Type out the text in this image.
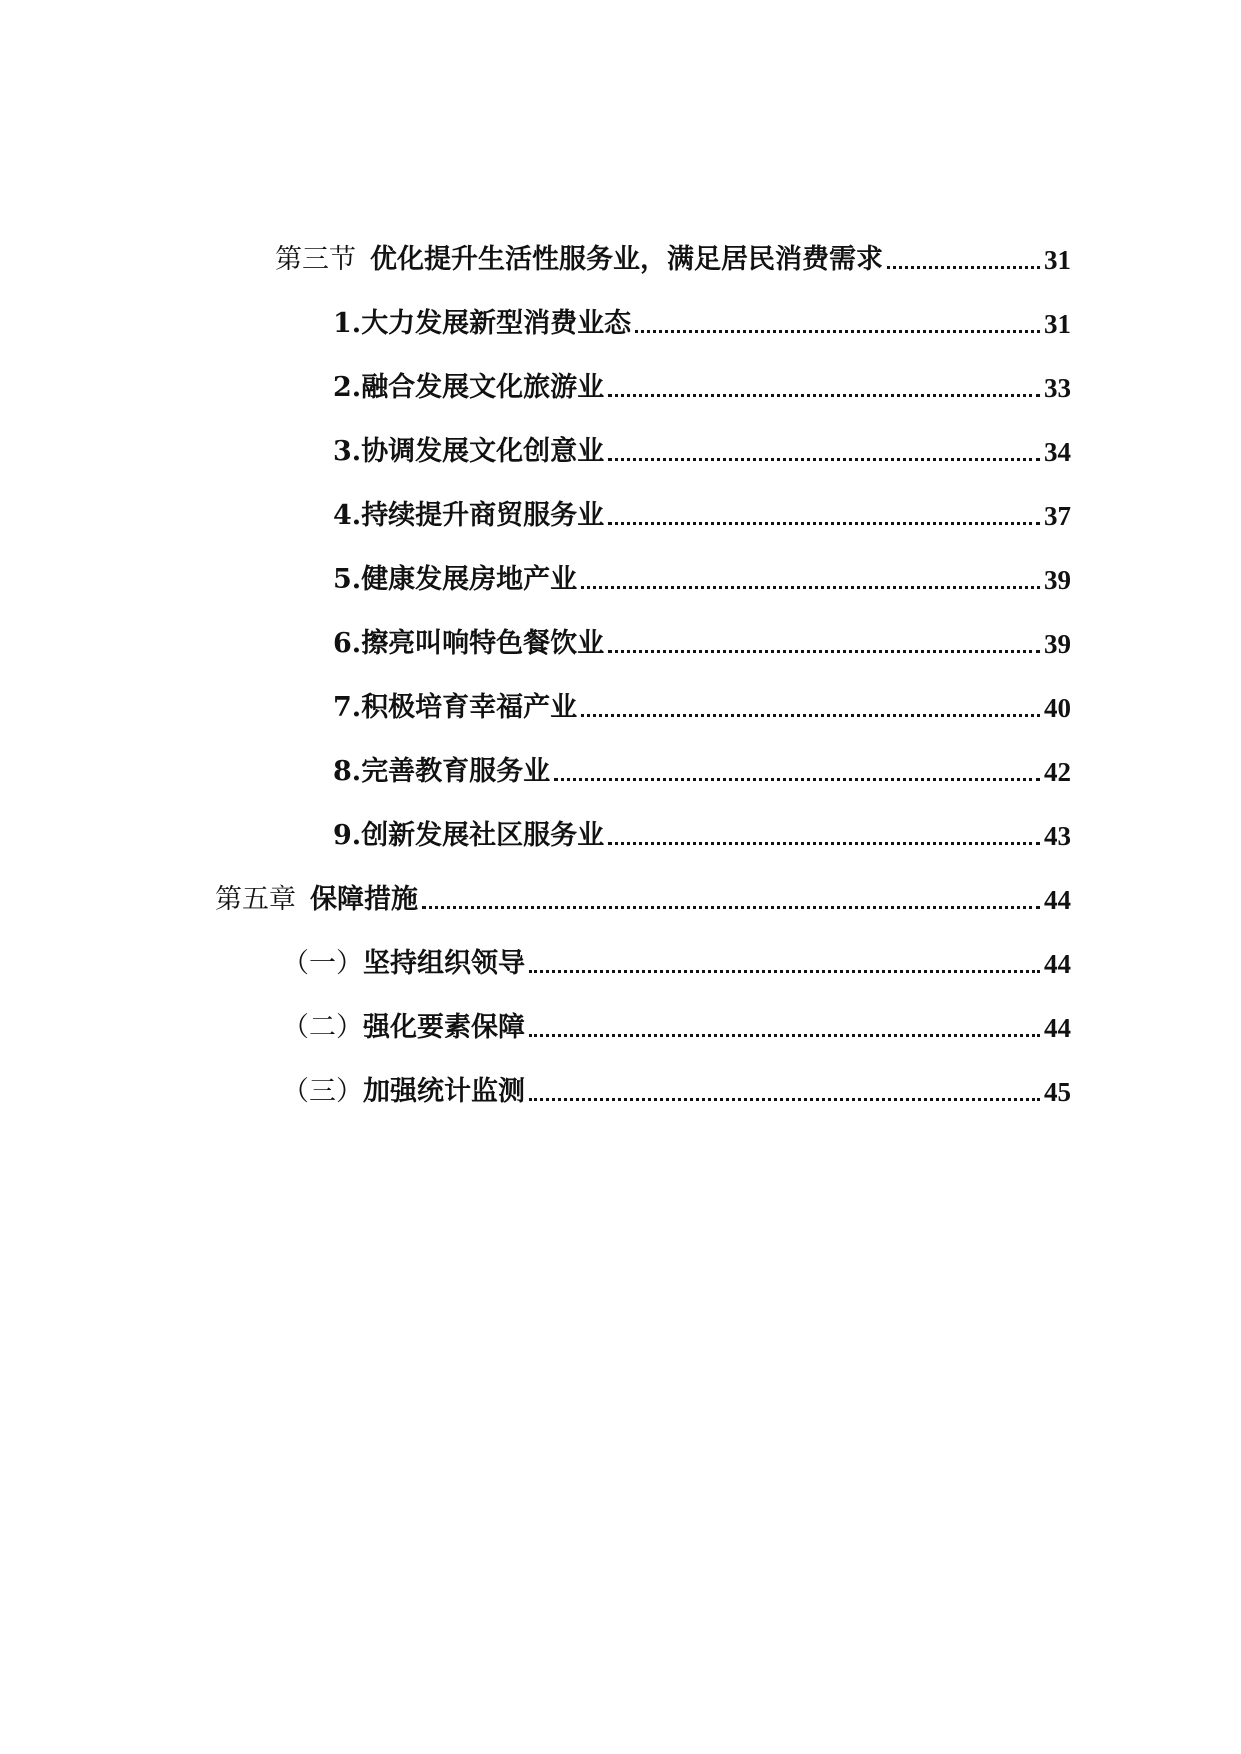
第三节 优化提升生活性服务业，满足居民消费需求	31
1.大力发展新型消费业态	31
2.融合发展文化旅游业	33
3.协调发展文化创意业	34
4.持续提升商贸服务业	37
5.健康发展房地产业	39
6.擦亮叫响特色餐饮业	39
7.积极培育幸福产业	40
8.完善教育服务业	42
9.创新发展社区服务业	43
第五章 保障措施	44
（一）坚持组织领导	44
（二）强化要素保障	44
（三）加强统计监测	45
